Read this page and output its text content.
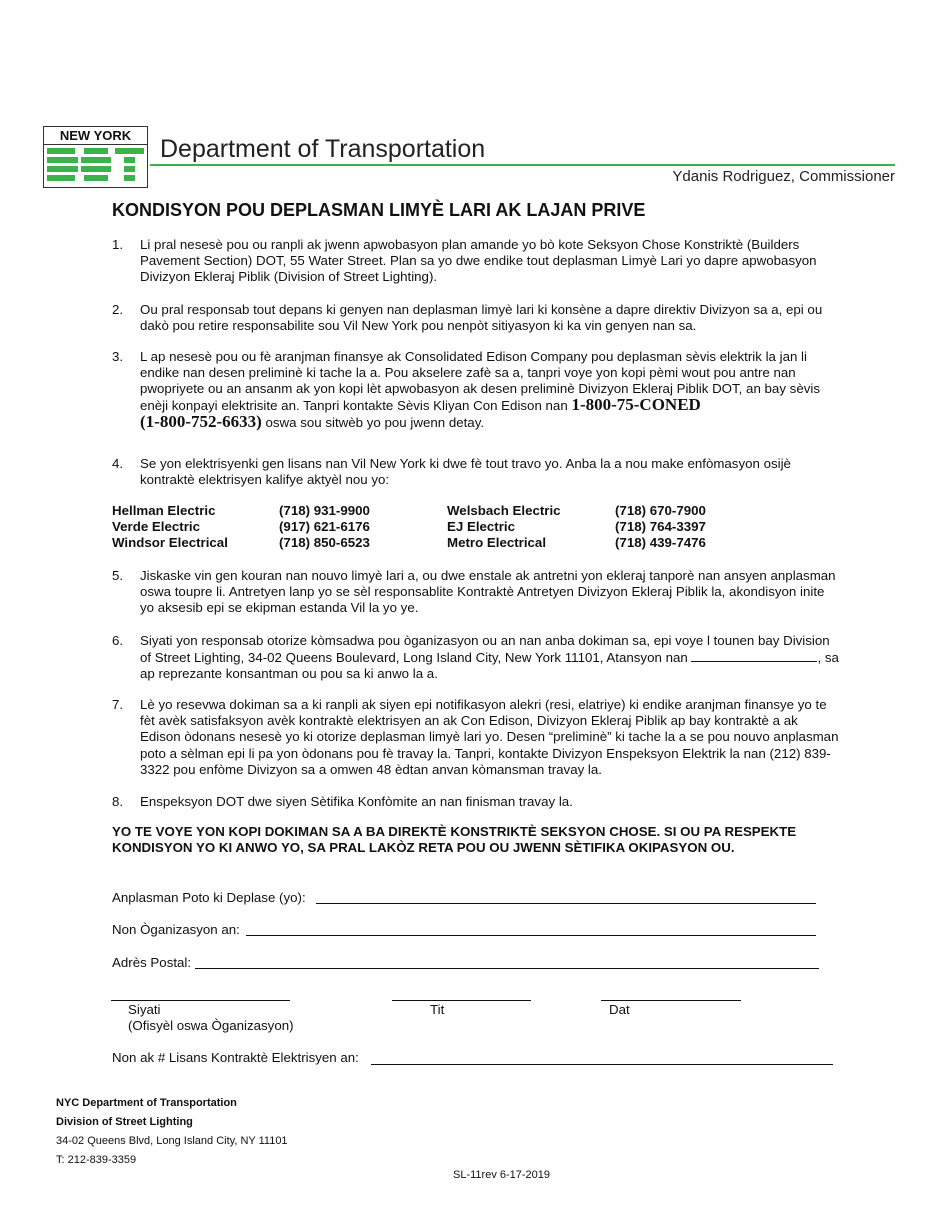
NEW YORK	Department of Transportation
Ydanis Rodriguez, Commissioner
KONDISYON POU DEPLASMAN LIMYÈ LARI AK LAJAN PRIVE
1. Li pral nesesè pou ou ranpli ak jwenn apwobasyon plan amande yo bò kote Seksyon Chose Konstriktè (Builders Pavement Section) DOT, 55 Water Street. Plan sa yo dwe endike tout deplasman Limyè Lari yo dapre apwobasyon Divizyon Ekleraj Piblik (Division of Street Lighting).
2. Ou pral responsab tout depans ki genyen nan deplasman limyè lari ki konsène a dapre direktiv Divizyon sa a, epi ou dakò pou retire responsabilite sou Vil New York pou nenpòt sitiyasyon ki ka vin genyen nan sa.
3. L ap nesesè pou ou fè aranjman finansye ak Consolidated Edison Company pou deplasman sèvis elektrik la jan li endike nan desen preliminè ki tache la a. Pou akselere zafè sa a, tanpri voye yon kopi pèmi wout pou antre nan pwopriyete ou an ansanm ak yon kopi lèt apwobasyon ak desen preliminè Divizyon Ekleraj Piblik DOT, an bay sèvis enèji konpayi elektrisite an. Tanpri kontakte Sèvis Kliyan Con Edison nan 1-800-75-CONED
(1-800-752-6633) oswa sou sitwèb yo pou jwenn detay.
4. Se yon elektrisyenki gen lisans nan Vil New York ki dwe fè tout travo yo. Anba la a nou make enfòmasyon osijè kontraktè elektrisyen kalifye aktyèl nou yo:
Hellman Electric	(718) 931-9900	Welsbach Electric	(718) 670-7900
Verde Electric	(917) 621-6176	EJ Electric	(718) 764-3397
Windsor Electrical	(718) 850-6523	Metro Electrical	(718) 439-7476
5. Jiskaske vin gen kouran nan nouvo limyè lari a, ou dwe enstale ak antretni yon ekleraj tanporè nan ansyen anplasman oswa toupre li. Antretyen lanp yo se sèl responsablite Kontraktè Antretyen Divizyon Ekleraj Piblik la, akondisyon inite yo aksesib epi se ekipman estanda Vil la yo ye.
6. Siyati yon responsab otorize kòmsadwa pou òganizasyon ou an nan anba dokiman sa, epi voye l tounen bay Division of Street Lighting, 34-02 Queens Boulevard, Long Island City, New York 11101, Atansyon nan	, sa ap reprezante konsantman ou pou sa ki anwo la a.
7. Lè yo resevwa dokiman sa a ki ranpli ak siyen epi notifikasyon alekri (resi, elatriye) ki endike aranjman finansye yo te fèt avèk satisfaksyon avèk kontraktè elektrisyen an ak Con Edison, Divizyon Ekleraj Piblik ap bay kontraktè a ak Edison òdonans nesesè yo ki otorize deplasman limyè lari yo. Desen “preliminè” ki tache la a se pou nouvo anplasman poto a sèlman epi li pa yon òdonans pou fè travay la. Tanpri, kontakte Divizyon Enspeksyon Elektrik la nan (212) 839-3322 pou enfòme Divizyon sa a omwen 48 èdtan anvan kòmansman travay la.
8. Enspeksyon DOT dwe siyen Sètifika Konfòmite an nan finisman travay la.
YO TE VOYE YON KOPI DOKIMAN SA A BA DIREKTÈ KONSTRIKTÈ SEKSYON CHOSE. SI OU PA RESPEKTE KONDISYON YO KI ANWO YO, SA PRAL LAKÒZ RETA POU OU JWENN SÈTIFIKA OKIPASYON OU.
Anplasman Poto ki Deplase (yo):
Non Òganizasyon an:
Adrès Postal:
Siyati
(Ofisyèl oswa Òganizasyon)
Tit	Dat
Non ak # Lisans Kontraktè Elektrisyen an:
NYC Department of Transportation
Division of Street Lighting
34-02 Queens Blvd, Long Island City, NY 11101
T: 212-839-3359
SL-11rev 6-17-2019
